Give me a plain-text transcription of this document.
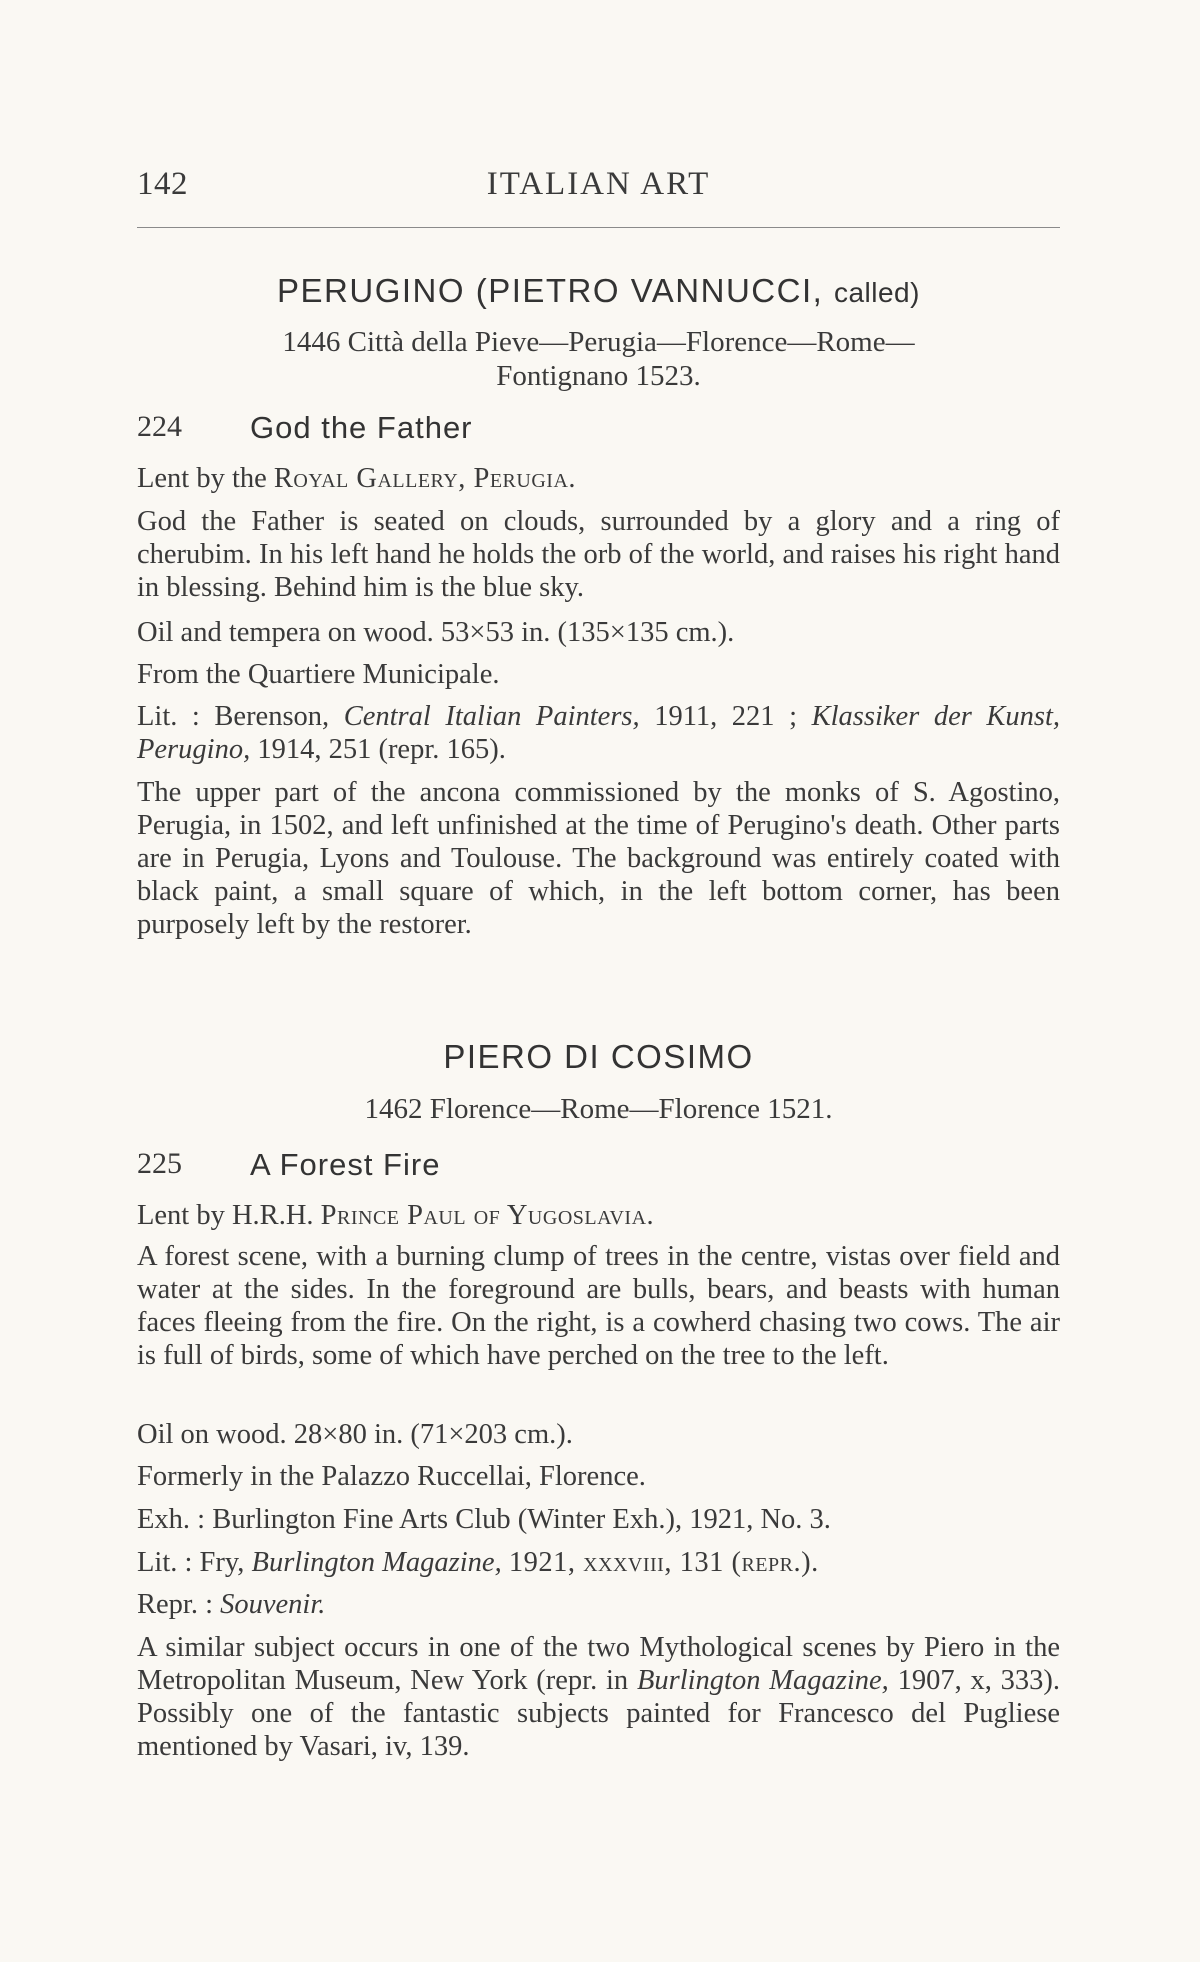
142	ITALIAN ART
PERUGINO (PIETRO VANNUCCI, called)
1446 Città della Pieve—Perugia—Florence—Rome—
Fontignano 1523.
224 God the Father
Lent by the Royal Gallery, Perugia.
God the Father is seated on clouds, surrounded by a glory and a ring of cherubim. In his left hand he holds the orb of the world, and raises his right hand in blessing. Behind him is the blue sky.
Oil and tempera on wood. 53×53 in. (135×135 cm.).
From the Quartiere Municipale.
Lit. : Berenson, Central Italian Painters, 1911, 221 ; Klassiker der Kunst, Perugino, 1914, 251 (repr. 165).
The upper part of the ancona commissioned by the monks of S. Agostino, Perugia, in 1502, and left unfinished at the time of Perugino's death. Other parts are in Perugia, Lyons and Toulouse. The background was entirely coated with black paint, a small square of which, in the left bottom corner, has been purposely left by the restorer.
PIERO DI COSIMO
1462 Florence—Rome—Florence 1521.
225 A Forest Fire
Lent by H.R.H. Prince Paul of Yugoslavia.
A forest scene, with a burning clump of trees in the centre, vistas over field and water at the sides. In the foreground are bulls, bears, and beasts with human faces fleeing from the fire. On the right, is a cowherd chasing two cows. The air is full of birds, some of which have perched on the tree to the left.
Oil on wood. 28×80 in. (71×203 cm.).
Formerly in the Palazzo Ruccellai, Florence.
Exh. : Burlington Fine Arts Club (Winter Exh.), 1921, No. 3.
Lit. : Fry, Burlington Magazine, 1921, xxxviii, 131 (repr.).
Repr. : Souvenir.
A similar subject occurs in one of the two Mythological scenes by Piero in the Metropolitan Museum, New York (repr. in Burlington Magazine, 1907, x, 333). Possibly one of the fantastic subjects painted for Francesco del Pugliese mentioned by Vasari, iv, 139.
